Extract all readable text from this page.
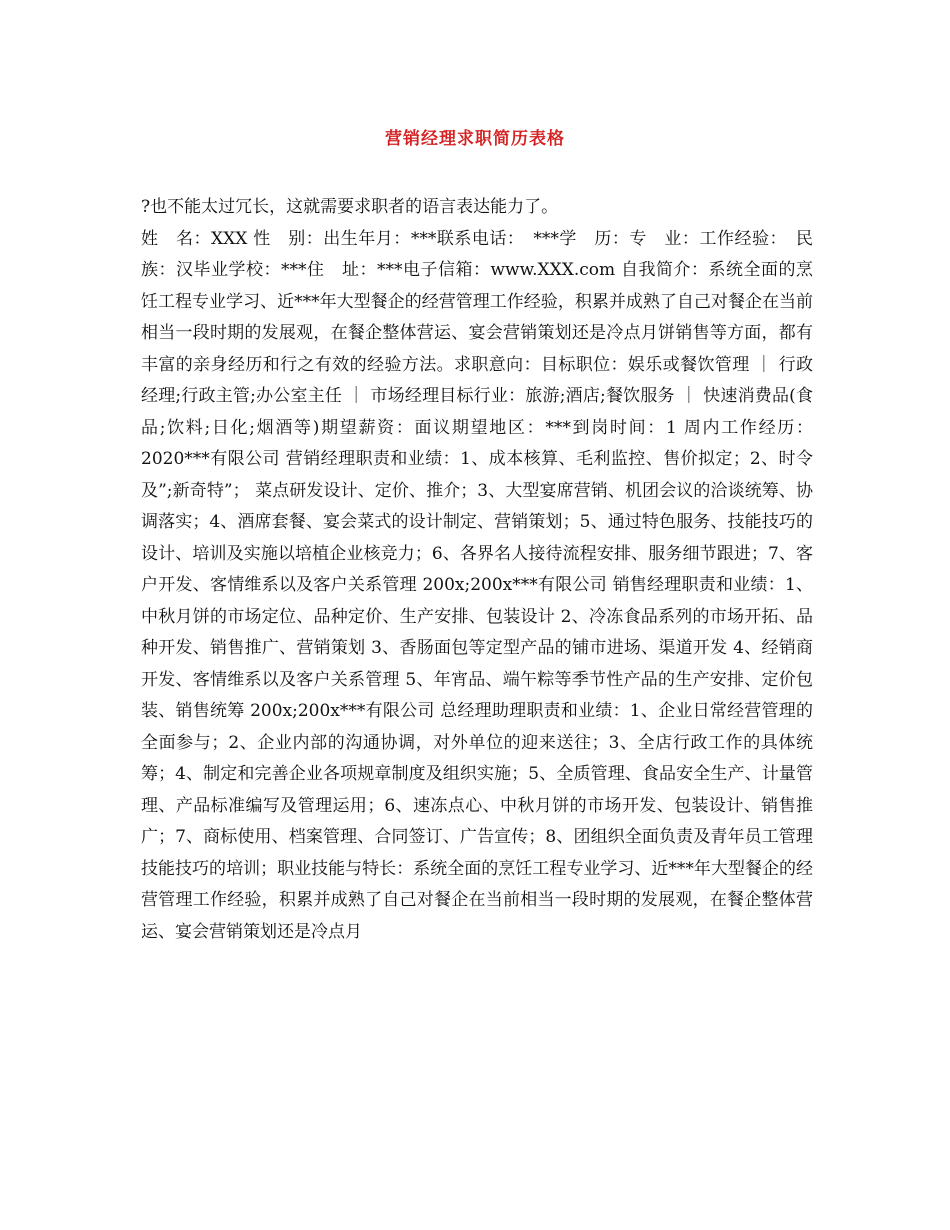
营销经理求职简历表格

?也不能太过冗长，这就需要求职者的语言表达能力了。

姓　名：XXX 性　别：出生年月：***联系电话：　***学　历：专　业：工作经验：　民族：汉毕业学校：***住　址：***电子信箱：www.XXX.com 自我简介：系统全面的烹饪工程专业学习、近***年大型餐企的经营管理工作经验，积累并成熟了自己对餐企在当前相当一段时期的发展观，在餐企整体营运、宴会营销策划还是冷点月饼销售等方面，都有丰富的亲身经历和行之有效的经验方法。求职意向：目标职位：娱乐或餐饮管理 ｜ 行政经理;行政主管;办公室主任 ｜ 市场经理目标行业：旅游;酒店;餐饮服务 ｜ 快速消费品(食品;饮料;日化;烟酒等)期望薪资：面议期望地区：***到岗时间：1 周内工作经历：2020***有限公司 营销经理职责和业绩：1、成本核算、毛利监控、售价拟定；2、时令及”;新奇特”； 菜点研发设计、定价、推介；3、大型宴席营销、机团会议的洽谈统筹、协调落实；4、酒席套餐、宴会菜式的设计制定、营销策划；5、通过特色服务、技能技巧的设计、培训及实施以培植企业核竞力；6、各界名人接待流程安排、服务细节跟进；7、客户开发、客情维系以及客户关系管理 200x;200x***有限公司 销售经理职责和业绩：1、中秋月饼的市场定位、品种定价、生产安排、包装设计 2、冷冻食品系列的市场开拓、品种开发、销售推广、营销策划 3、香肠面包等定型产品的铺市进场、渠道开发 4、经销商开发、客情维系以及客户关系管理 5、年宵品、端午粽等季节性产品的生产安排、定价包装、销售统筹 200x;200x***有限公司 总经理助理职责和业绩：1、企业日常经营管理的全面参与；2、企业内部的沟通协调，对外单位的迎来送往；3、全店行政工作的具体统筹；4、制定和完善企业各项规章制度及组织实施；5、全质管理、食品安全生产、计量管理、产品标准编写及管理运用；6、速冻点心、中秋月饼的市场开发、包装设计、销售推广；7、商标使用、档案管理、合同签订、广告宣传；8、团组织全面负责及青年员工管理技能技巧的培训；职业技能与特长：系统全面的烹饪工程专业学习、近***年大型餐企的经营管理工作经验，积累并成熟了自己对餐企在当前相当一段时期的发展观，在餐企整体营运、宴会营销策划还是冷点月
